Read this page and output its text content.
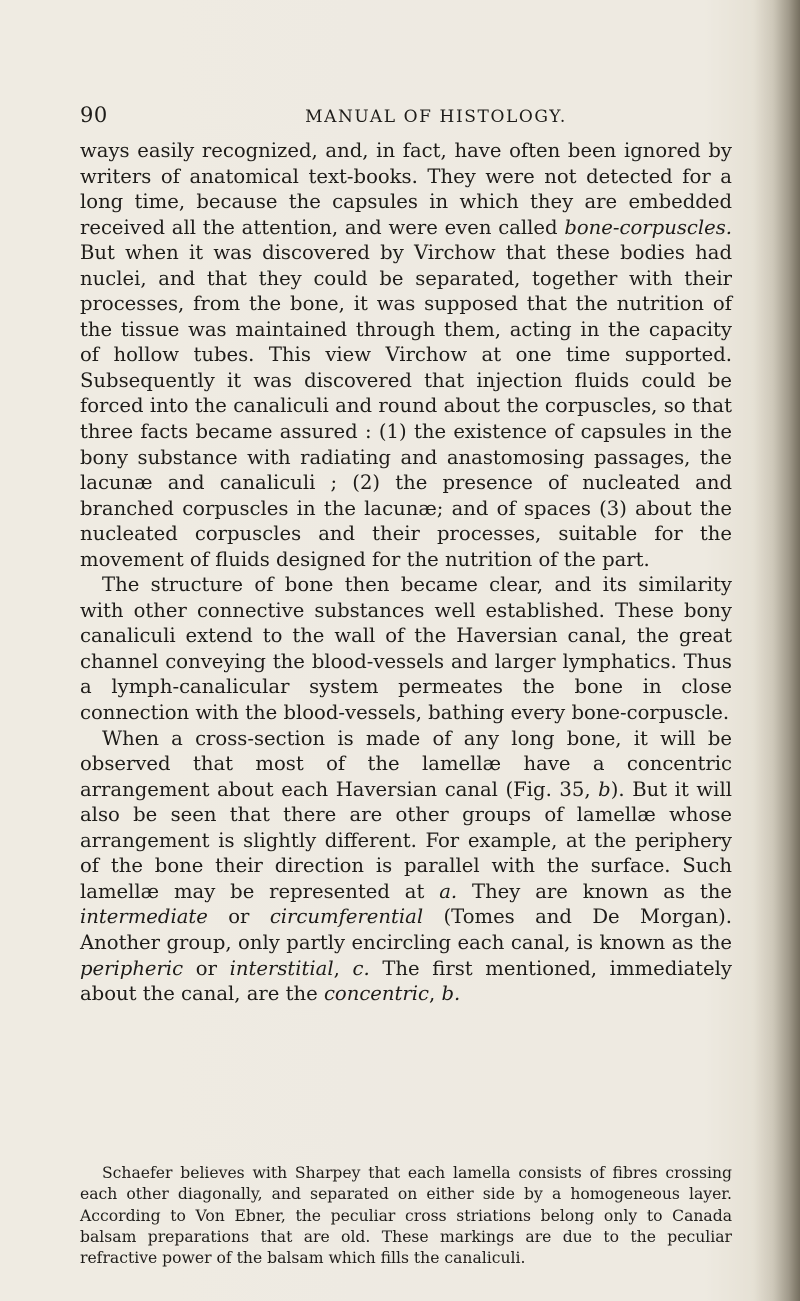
90	MANUAL OF HISTOLOGY.

ways easily recognized, and, in fact, have often been ignored by writers of anatomical text-books. They were not detected for a long time, because the capsules in which they are embedded received all the attention, and were even called bone-corpuscles. But when it was discovered by Virchow that these bodies had nuclei, and that they could be separated, together with their processes, from the bone, it was supposed that the nutrition of the tissue was maintained through them, acting in the capacity of hollow tubes. This view Virchow at one time supported. Subsequently it was discovered that injection fluids could be forced into the canaliculi and round about the corpuscles, so that three facts became assured : (1) the existence of capsules in the bony substance with radiating and anastomosing passages, the lacunæ and canaliculi ; (2) the presence of nucleated and branched corpuscles in the lacunæ; and of spaces (3) about the nucleated corpuscles and their processes, suitable for the movement of fluids designed for the nutrition of the part.

The structure of bone then became clear, and its similarity with other connective substances well established. These bony canaliculi extend to the wall of the Haversian canal, the great channel conveying the blood-vessels and larger lymphatics. Thus a lymph-canalicular system permeates the bone in close connection with the blood-vessels, bathing every bone-corpuscle.

When a cross-section is made of any long bone, it will be observed that most of the lamellæ have a concentric arrangement about each Haversian canal (Fig. 35, b). But it will also be seen that there are other groups of lamellæ whose arrangement is slightly different. For example, at the periphery of the bone their direction is parallel with the surface. Such lamellæ may be represented at a. They are known as the intermediate or circumferential (Tomes and De Morgan). Another group, only partly encircling each canal, is known as the peripheric or interstitial, c. The first mentioned, immediately about the canal, are the concentric, b.

Schaefer believes with Sharpey that each lamella consists of fibres crossing each other diagonally, and separated on either side by a homogeneous layer. According to Von Ebner, the peculiar cross striations belong only to Canada balsam preparations that are old. These markings are due to the peculiar refractive power of the balsam which fills the canaliculi.
